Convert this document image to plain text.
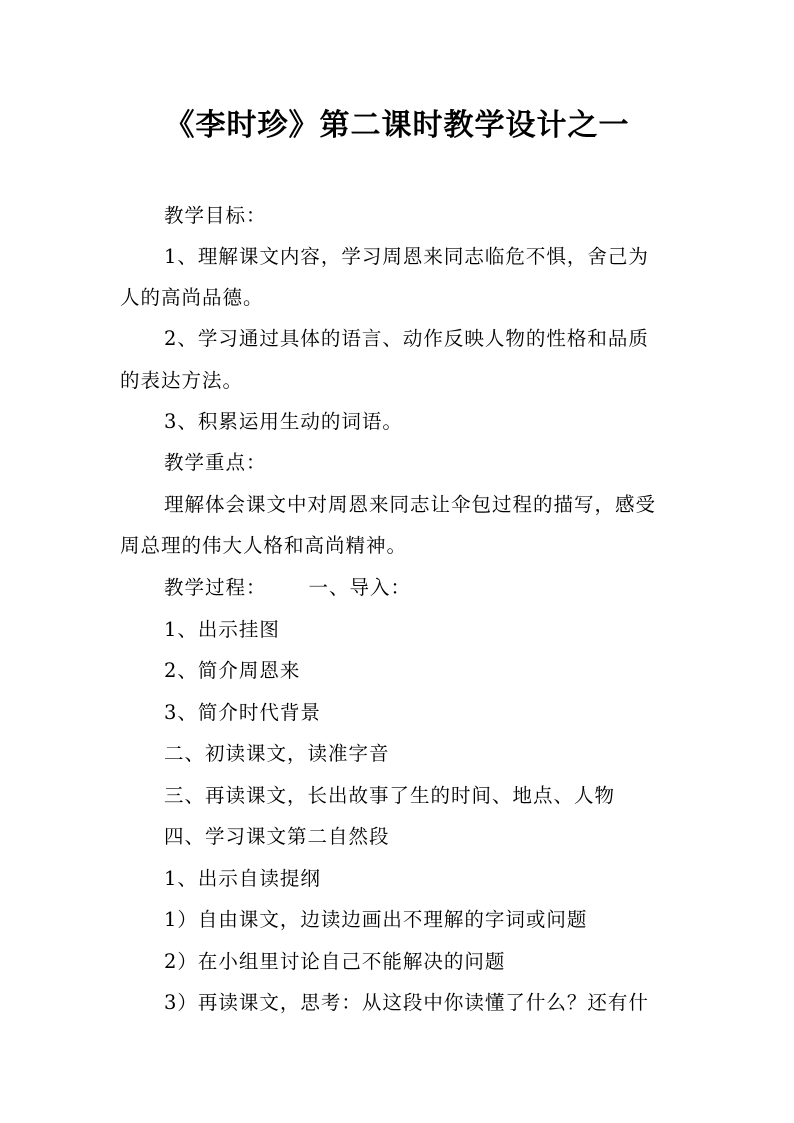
《李时珍》第二课时教学设计之一
教学目标：
1、理解课文内容，学习周恩来同志临危不惧，舍己为
人的高尚品德。
2、学习通过具体的语言、动作反映人物的性格和品质
的表达方法。
3、积累运用生动的词语。
教学重点：
理解体会课文中对周恩来同志让伞包过程的描写，感受
周总理的伟大人格和高尚精神。
教学过程： 一、导入：
1、出示挂图
2、简介周恩来
3、简介时代背景
二、初读课文，读准字音
三、再读课文，长出故事了生的时间、地点、人物
四、学习课文第二自然段
1、出示自读提纲
1）自由课文，边读边画出不理解的字词或问题
2）在小组里讨论自己不能解决的问题
3）再读课文，思考：从这段中你读懂了什么？还有什
